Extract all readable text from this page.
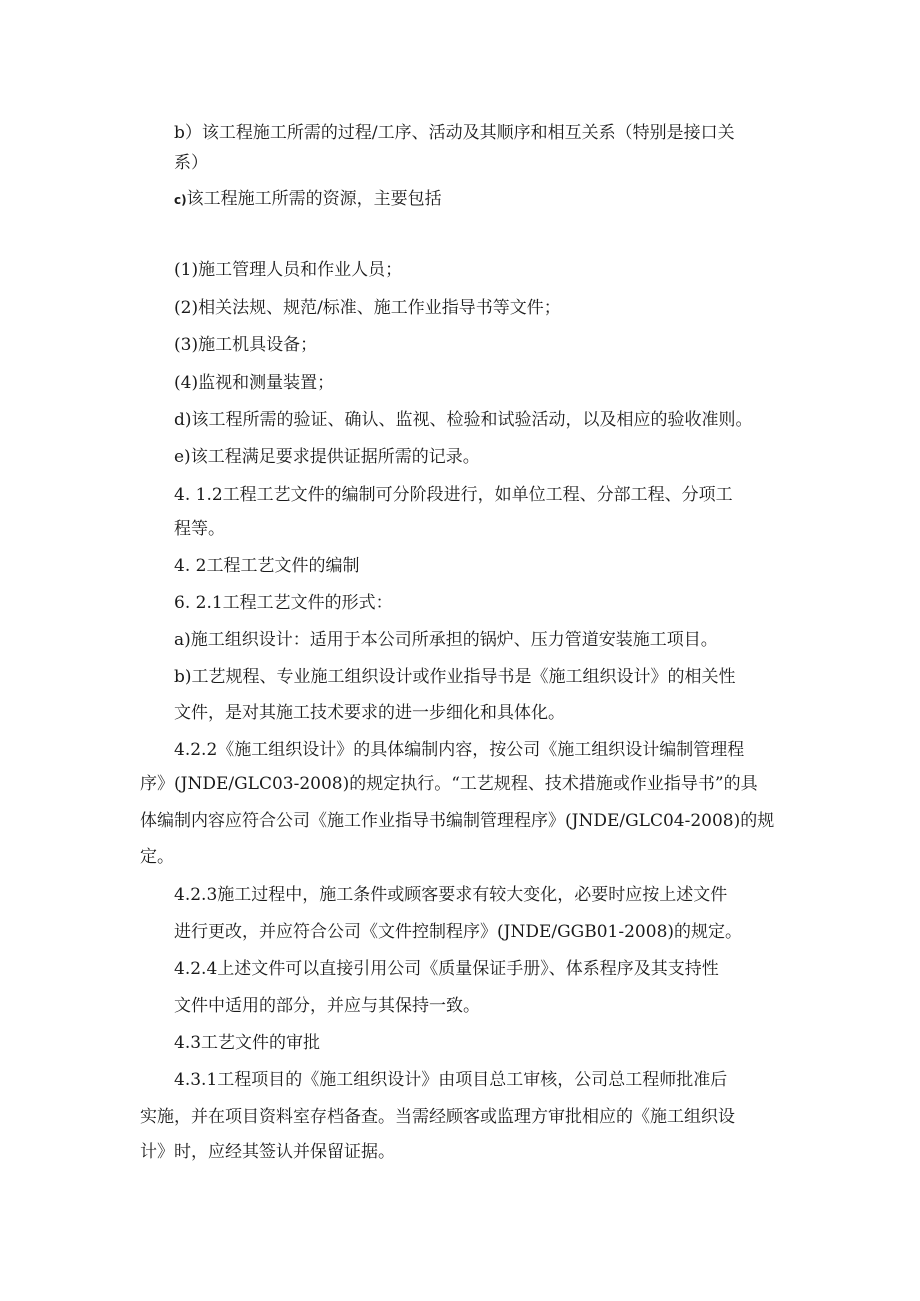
b）该工程施工所需的过程/工序、活动及其顺序和相互关系（特别是接口关
系）
c)该工程施工所需的资源，主要包括
(1)施工管理人员和作业人员；
(2)相关法规、规范/标准、施工作业指导书等文件；
(3)施工机具设备；
(4)监视和测量装置；
d)该工程所需的验证、确认、监视、检验和试验活动，以及相应的验收准则。
e)该工程满足要求提供证据所需的记录。
4. 1.2工程工艺文件的编制可分阶段进行，如单位工程、分部工程、分项工
程等。
4. 2工程工艺文件的编制
6. 2.1工程工艺文件的形式：
a)施工组织设计：适用于本公司所承担的锅炉、压力管道安装施工项目。
b)工艺规程、专业施工组织设计或作业指导书是《施工组织设计》的相关性
文件，是对其施工技术要求的进一步细化和具体化。
4.2.2《施工组织设计》的具体编制内容，按公司《施工组织设计编制管理程
序》(JNDE/GLC03-2008)的规定执行。“工艺规程、技术措施或作业指导书”的具
体编制内容应符合公司《施工作业指导书编制管理程序》(JNDE/GLC04-2008)的规
定。
4.2.3施工过程中，施工条件或顾客要求有较大变化，必要时应按上述文件
进行更改，并应符合公司《文件控制程序》(JNDE/GGB01-2008)的规定。
4.2.4上述文件可以直接引用公司《质量保证手册》、体系程序及其支持性
文件中适用的部分，并应与其保持一致。
4.3工艺文件的审批
4.3.1工程项目的《施工组织设计》由项目总工审核，公司总工程师批准后
实施，并在项目资料室存档备查。当需经顾客或监理方审批相应的《施工组织设
计》时，应经其签认并保留证据。
